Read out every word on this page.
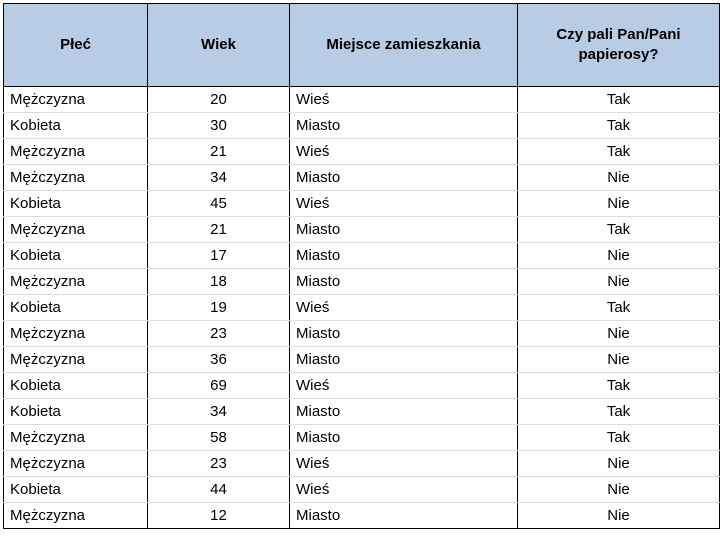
Płeć	Wiek	Miejsce zamieszkania	Czy pali Pan/Pani papierosy?
Mężczyzna	20	Wieś	Tak
Kobieta	30	Miasto	Tak
Mężczyzna	21	Wieś	Tak
Mężczyzna	34	Miasto	Nie
Kobieta	45	Wieś	Nie
Mężczyzna	21	Miasto	Tak
Kobieta	17	Miasto	Nie
Mężczyzna	18	Miasto	Nie
Kobieta	19	Wieś	Tak
Mężczyzna	23	Miasto	Nie
Mężczyzna	36	Miasto	Nie
Kobieta	69	Wieś	Tak
Kobieta	34	Miasto	Tak
Mężczyzna	58	Miasto	Tak
Mężczyzna	23	Wieś	Nie
Kobieta	44	Wieś	Nie
Mężczyzna	12	Miasto	Nie
